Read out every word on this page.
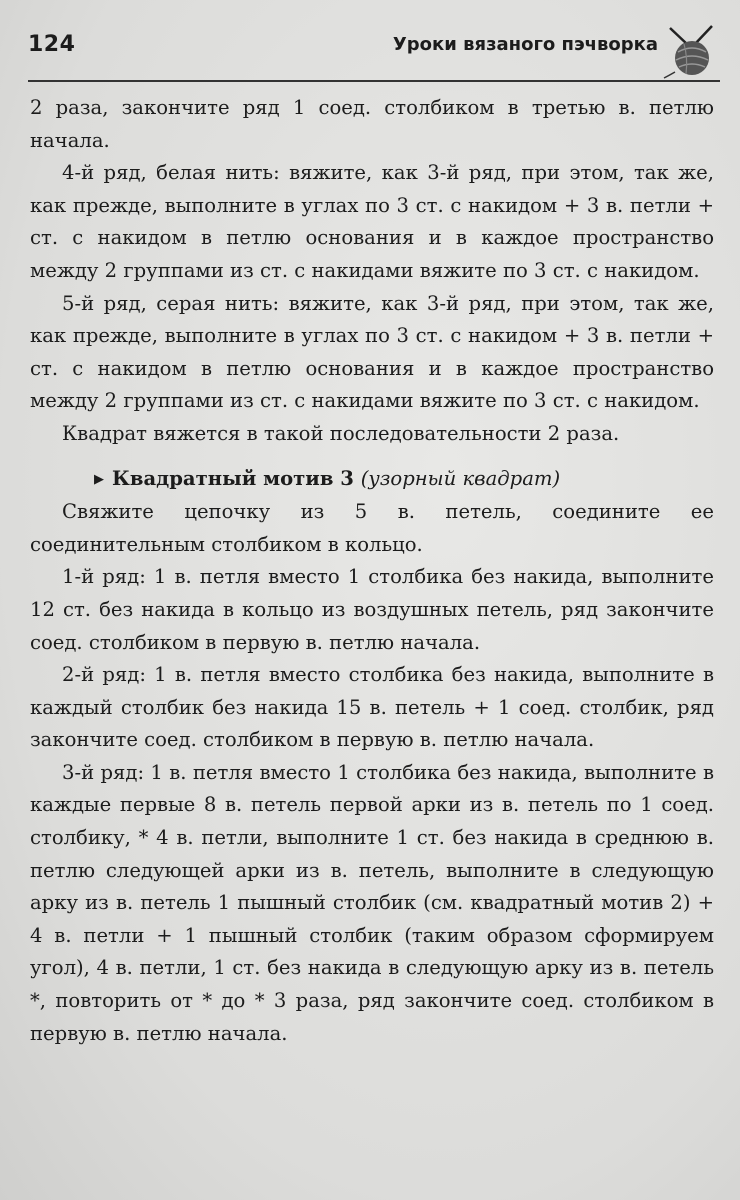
124	Уроки вязаного пэчворка

2 раза, закончите ряд 1 соед. столбиком в третью в. петлю начала.

4-й ряд, белая нить: вяжите, как 3-й ряд, при этом, так же, как прежде, выполните в углах по 3 ст. с накидом + 3 в. петли + ст. с накидом в петлю основания и в каждое пространство между 2 группами из ст. с накидами вяжите по 3 ст. с накидом.

5-й ряд, серая нить: вяжите, как 3-й ряд, при этом, так же, как прежде, выполните в углах по 3 ст. с накидом + 3 в. петли + ст. с накидом в петлю основания и в каждое пространство между 2 группами из ст. с накидами вяжите по 3 ст. с накидом.

Квадрат вяжется в такой последовательности 2 раза.

▶ Квадратный мотив 3 (узорный квадрат)

Свяжите цепочку из 5 в. петель, соедините ее соединительным столбиком в кольцо.

1-й ряд: 1 в. петля вместо 1 столбика без накида, выполните 12 ст. без накида в кольцо из воздушных петель, ряд закончите соед. столбиком в первую в. петлю начала.

2-й ряд: 1 в. петля вместо столбика без накида, выполните в каждый столбик без накида 15 в. петель + 1 соед. столбик, ряд закончите соед. столбиком в первую в. петлю начала.

3-й ряд: 1 в. петля вместо 1 столбика без накида, выполните в каждые первые 8 в. петель первой арки из в. петель по 1 соед. столбику, * 4 в. петли, выполните 1 ст. без накида в среднюю в. петлю следующей арки из в. петель, выполните в следующую арку из в. петель 1 пышный столбик (см. квадратный мотив 2) + 4 в. петли + 1 пышный столбик (таким образом сформируем угол), 4 в. петли, 1 ст. без накида в следующую арку из в. петель *, повторить от * до * 3 раза, ряд закончите соед. столбиком в первую в. петлю начала.
